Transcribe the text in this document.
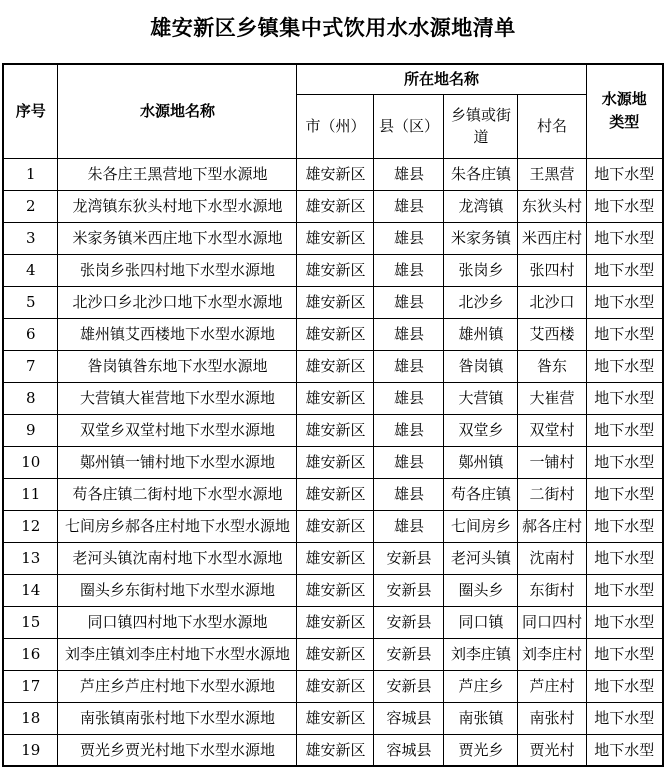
雄安新区乡镇集中式饮用水水源地清单
序号	水源地名称	所在地名称				水源地类型
		市（州）	县（区）	乡镇或街道	村名	
1	朱各庄王黑营地下型水源地	雄安新区	雄县	朱各庄镇	王黑营	地下水型
2	龙湾镇东狄头村地下水型水源地	雄安新区	雄县	龙湾镇	东狄头村	地下水型
3	米家务镇米西庄地下水型水源地	雄安新区	雄县	米家务镇	米西庄村	地下水型
4	张岗乡张四村地下水型水源地	雄安新区	雄县	张岗乡	张四村	地下水型
5	北沙口乡北沙口地下水型水源地	雄安新区	雄县	北沙乡	北沙口	地下水型
6	雄州镇艾西楼地下水型水源地	雄安新区	雄县	雄州镇	艾西楼	地下水型
7	昝岗镇昝东地下水型水源地	雄安新区	雄县	昝岗镇	昝东	地下水型
8	大营镇大崔营地下水型水源地	雄安新区	雄县	大营镇	大崔营	地下水型
9	双堂乡双堂村地下水型水源地	雄安新区	雄县	双堂乡	双堂村	地下水型
10	鄚州镇一铺村地下水型水源地	雄安新区	雄县	鄚州镇	一铺村	地下水型
11	苟各庄镇二街村地下水型水源地	雄安新区	雄县	苟各庄镇	二街村	地下水型
12	七间房乡郝各庄村地下水型水源地	雄安新区	雄县	七间房乡	郝各庄村	地下水型
13	老河头镇沈南村地下水型水源地	雄安新区	安新县	老河头镇	沈南村	地下水型
14	圈头乡东街村地下水型水源地	雄安新区	安新县	圈头乡	东街村	地下水型
15	同口镇四村地下水型水源地	雄安新区	安新县	同口镇	同口四村	地下水型
16	刘李庄镇刘李庄村地下水型水源地	雄安新区	安新县	刘李庄镇	刘李庄村	地下水型
17	芦庄乡芦庄村地下水型水源地	雄安新区	安新县	芦庄乡	芦庄村	地下水型
18	南张镇南张村地下水型水源地	雄安新区	容城县	南张镇	南张村	地下水型
19	贾光乡贾光村地下水型水源地	雄安新区	容城县	贾光乡	贾光村	地下水型
